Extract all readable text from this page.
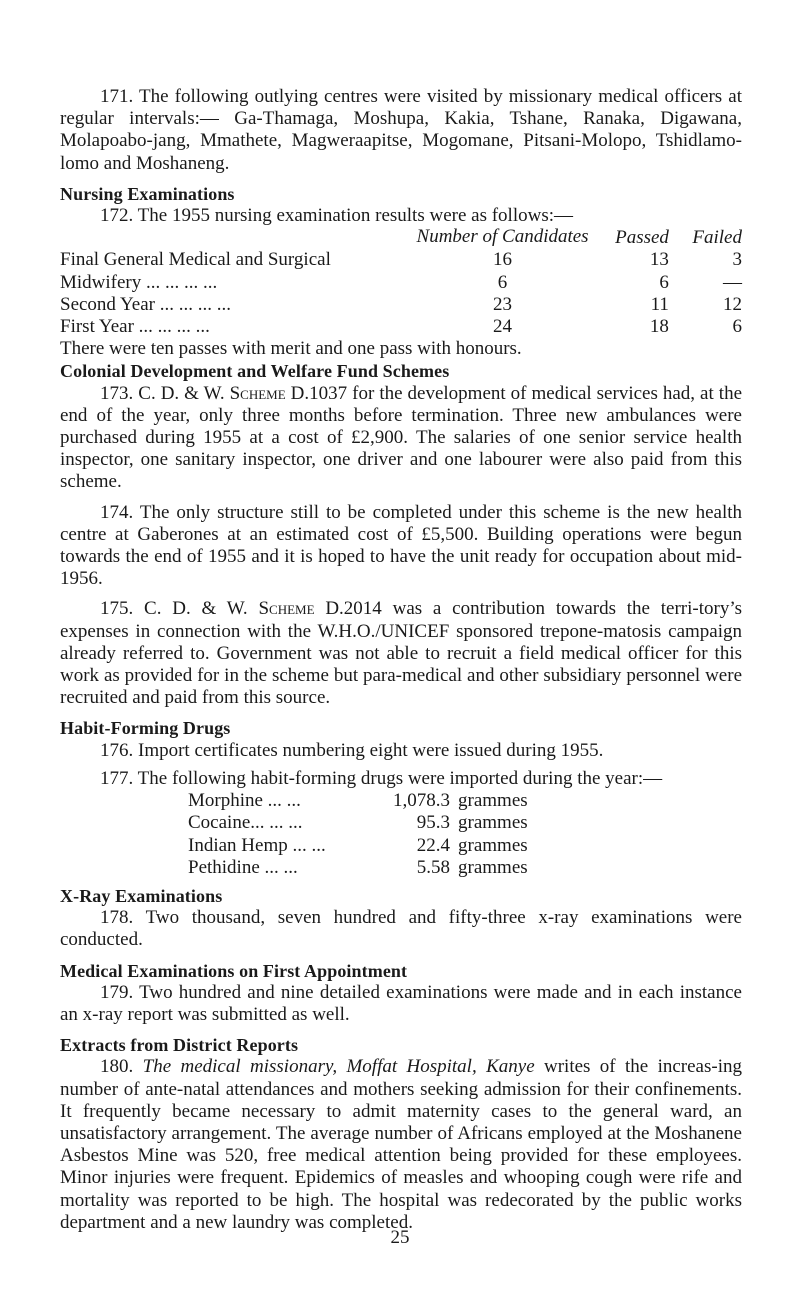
171. The following outlying centres were visited by missionary medical officers at regular intervals:— Ga-Thamaga, Moshupa, Kakia, Tshane, Ranaka, Digawana, Molapoabo-jang, Mmathete, Magweraapitse, Mogomane, Pitsani-Molopo, Tshidlamo-lomo and Moshaneng.

Nursing Examinations

172. The 1955 nursing examination results were as follows:—

	Number of Candidates	Passed	Failed
Final General Medical and Surgical	16	13	3
Midwifery ... ... ... ...	6	6	—
Second Year ... ... ... ...	23	11	12
First Year ... ... ... ...	24	18	6

There were ten passes with merit and one pass with honours.

Colonial Development and Welfare Fund Schemes

173. C. D. & W. Scheme D.1037 for the development of medical services had, at the end of the year, only three months before termination. Three new ambulances were purchased during 1955 at a cost of £2,900. The salaries of one senior service health inspector, one sanitary inspector, one driver and one labourer were also paid from this scheme.

174. The only structure still to be completed under this scheme is the new health centre at Gaberones at an estimated cost of £5,500. Building operations were begun towards the end of 1955 and it is hoped to have the unit ready for occupation about mid-1956.

175. C. D. & W. Scheme D.2014 was a contribution towards the terri-tory’s expenses in connection with the W.H.O./UNICEF sponsored trepone-matosis campaign already referred to. Government was not able to recruit a field medical officer for this work as provided for in the scheme but para-medical and other subsidiary personnel were recruited and paid from this source.

Habit-Forming Drugs

176. Import certificates numbering eight were issued during 1955.

177. The following habit-forming drugs were imported during the year:—

Morphine ... ...	1,078.3	grammes
Cocaine... ... ...	95.3	grammes
Indian Hemp ... ...	22.4	grammes
Pethidine ... ...	5.58	grammes
X-Ray Examinations

178. Two thousand, seven hundred and fifty-three x-ray examinations were conducted.

Medical Examinations on First Appointment

179. Two hundred and nine detailed examinations were made and in each instance an x-ray report was submitted as well.

Extracts from District Reports

180. The medical missionary, Moffat Hospital, Kanye writes of the increas-ing number of ante-natal attendances and mothers seeking admission for their confinements. It frequently became necessary to admit maternity cases to the general ward, an unsatisfactory arrangement. The average number of Africans employed at the Moshanene Asbestos Mine was 520, free medical attention being provided for these employees. Minor injuries were frequent. Epidemics of measles and whooping cough were rife and mortality was reported to be high. The hospital was redecorated by the public works department and a new laundry was completed.

25
